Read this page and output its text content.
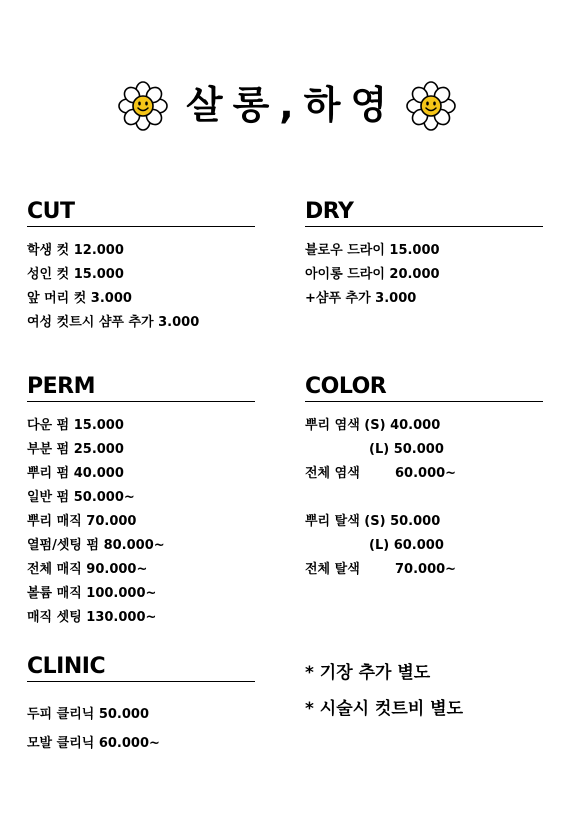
살롱,하영
CUT
학생 컷 12.000
성인 컷 15.000
앞 머리 컷 3.000
여성 컷트시 샴푸 추가 3.000
DRY
블로우 드라이 15.000
아이롱 드라이 20.000
+샴푸 추가 3.000
PERM
다운 펌 15.000
부분 펌 25.000
뿌리 펌 40.000
일반 펌 50.000~
뿌리 매직 70.000
열펌/셋팅 펌 80.000~
전체 매직 90.000~
볼륨 매직 100.000~
매직 셋팅 130.000~
COLOR
뿌리 염색 (S) 40.000
(L) 50.000
전체 염색	60.000~
뿌리 탈색 (S) 50.000
(L) 60.000
전체 탈색	70.000~
CLINIC
두피 클리닉 50.000
모발 클리닉 60.000~
* 기장 추가 별도
* 시술시 컷트비 별도
